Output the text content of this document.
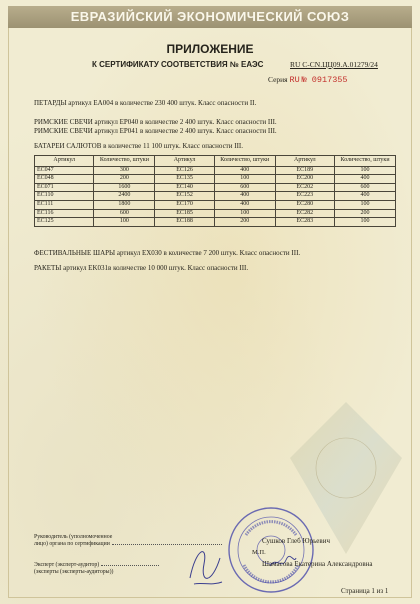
ЕВРАЗИЙСКИЙ ЭКОНОМИЧЕСКИЙ СОЮЗ
ПРИЛОЖЕНИЕ
К СЕРТИФИКАТУ СООТВЕТСТВИЯ № ЕАЭС	RU С-CN.ЦЦ09.А.01279/24
Серия RU № 0917355
ПЕТАРДЫ артикул EA004 в количестве 230 400 штук. Класс опасности II.
РИМСКИЕ СВЕЧИ артикул EP040 в количестве 2 400 штук. Класс опасности III.
РИМСКИЕ СВЕЧИ артикул EP041 в количестве 2 400 штук. Класс опасности III.
БАТАРЕИ САЛЮТОВ в количестве 11 100 штук. Класс опасности III.
Артикул	Количество, штуки	Артикул	Количество, штуки	Артикул	Количество, штуки
EC047	300	EC126	400	EC189	100
EC048	200	EC135	100	EC200	400
EC071	1600	EC140	600	EC202	600
EC110	2400	EC152	400	EC223	400
EC111	1800	EC170	400	EC280	100
EC116	600	EC185	100	EC282	200
EC125	100	EC188	200	EC283	100
ФЕСТИВАЛЬНЫЕ ШАРЫ артикул EX030 в количестве 7 200 штук. Класс опасности III.
РАКЕТЫ артикул EK031в количестве 10 000 штук. Класс опасности III.
Руководитель (уполномоченное
лицо) органа по сертификации
Эксперт (эксперт-аудитор)
(эксперты (эксперты-аудиторы))
Сушков Глеб Юрьевич
М.П.
Шамасова Екатерина Александровна
Страница 1 из 1
